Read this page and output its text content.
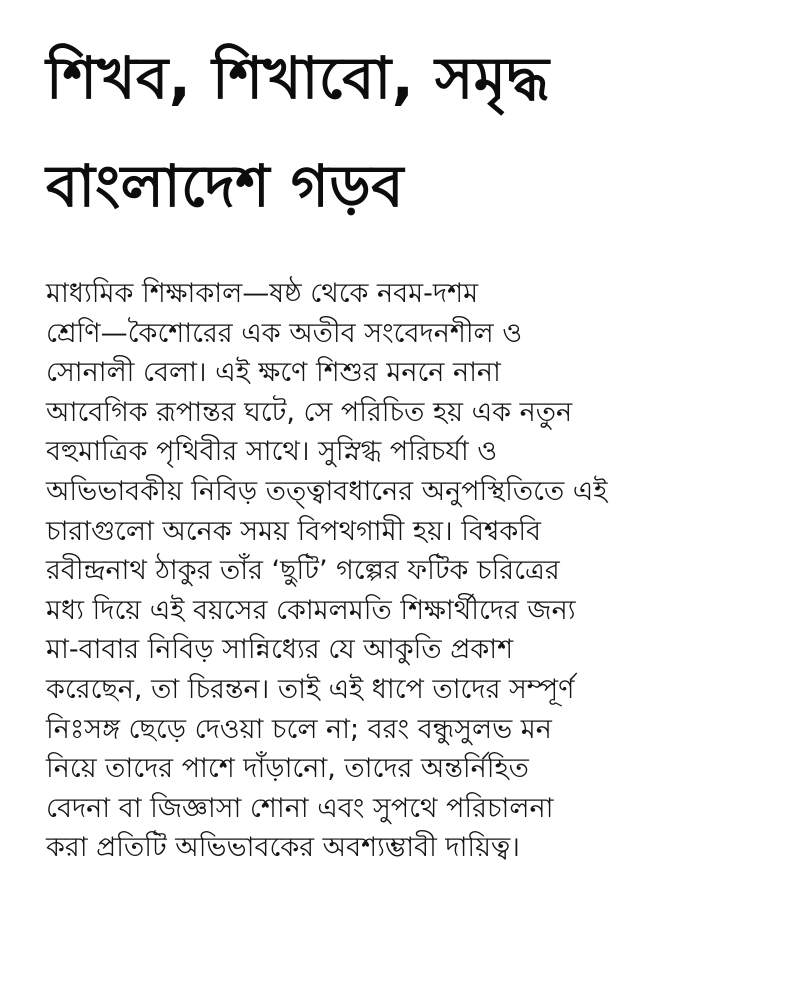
শিখব, শিখাবো, সমৃদ্ধ
বাংলাদেশ গড়ব
মাধ্যমিক শিক্ষাকাল—ষষ্ঠ থেকে নবম-দশম
শ্রেণি—কৈশোরের এক অতীব সংবেদনশীল ও
সোনালী বেলা। এই ক্ষণে শিশুর মননে নানা
আবেগিক রূপান্তর ঘটে, সে পরিচিত হয় এক নতুন
বহুমাত্রিক পৃথিবীর সাথে। সুস্নিগ্ধ পরিচর্যা ও
অভিভাবকীয় নিবিড় তত্ত্বাবধানের অনুপস্থিতিতে এই
চারাগুলো অনেক সময় বিপথগামী হয়। বিশ্বকবি
রবীন্দ্রনাথ ঠাকুর তাঁর ‘ছুটি’ গল্পের ফটিক চরিত্রের
মধ্য দিয়ে এই বয়সের কোমলমতি শিক্ষার্থীদের জন্য
মা-বাবার নিবিড় সান্নিধ্যের যে আকুতি প্রকাশ
করেছেন, তা চিরন্তন। তাই এই ধাপে তাদের সম্পূর্ণ
নিঃসঙ্গ ছেড়ে দেওয়া চলে না; বরং বন্ধুসুলভ মন
নিয়ে তাদের পাশে দাঁড়ানো, তাদের অন্তর্নিহিত
বেদনা বা জিজ্ঞাসা শোনা এবং সুপথে পরিচালনা
করা প্রতিটি অভিভাবকের অবশ্যম্ভাবী দায়িত্ব।
